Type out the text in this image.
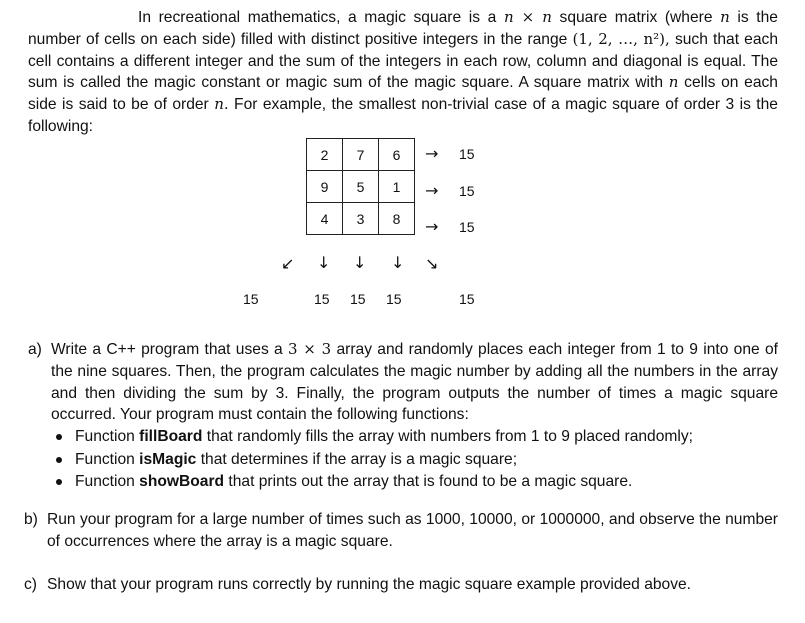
In recreational mathematics, a magic square is a n × n square matrix (where n is the number of cells on each side) filled with distinct positive integers in the range (1, 2, …, n²), such that each cell contains a different integer and the sum of the integers in each row, column and diagonal is equal. The sum is called the magic constant or magic sum of the magic square. A square matrix with n cells on each side is said to be of order n. For example, the smallest non-trivial case of a magic square of order 3 is the following:
2	7	6
9	5	1
4	3	8
→ 15
→ 15
→ 15
↙ ↓ ↓ ↓ ↘
15	15 15 15	15
a) Write a C++ program that uses a 3 × 3 array and randomly places each integer from 1 to 9 into one of the nine squares. Then, the program calculates the magic number by adding all the numbers in the array and then dividing the sum by 3. Finally, the program outputs the number of times a magic square occurred. Your program must contain the following functions:
Function fillBoard that randomly fills the array with numbers from 1 to 9 placed randomly;
Function isMagic that determines if the array is a magic square;
Function showBoard that prints out the array that is found to be a magic square.
b) Run your program for a large number of times such as 1000, 10000, or 1000000, and observe the number of occurrences where the array is a magic square.
c) Show that your program runs correctly by running the magic square example provided above.
